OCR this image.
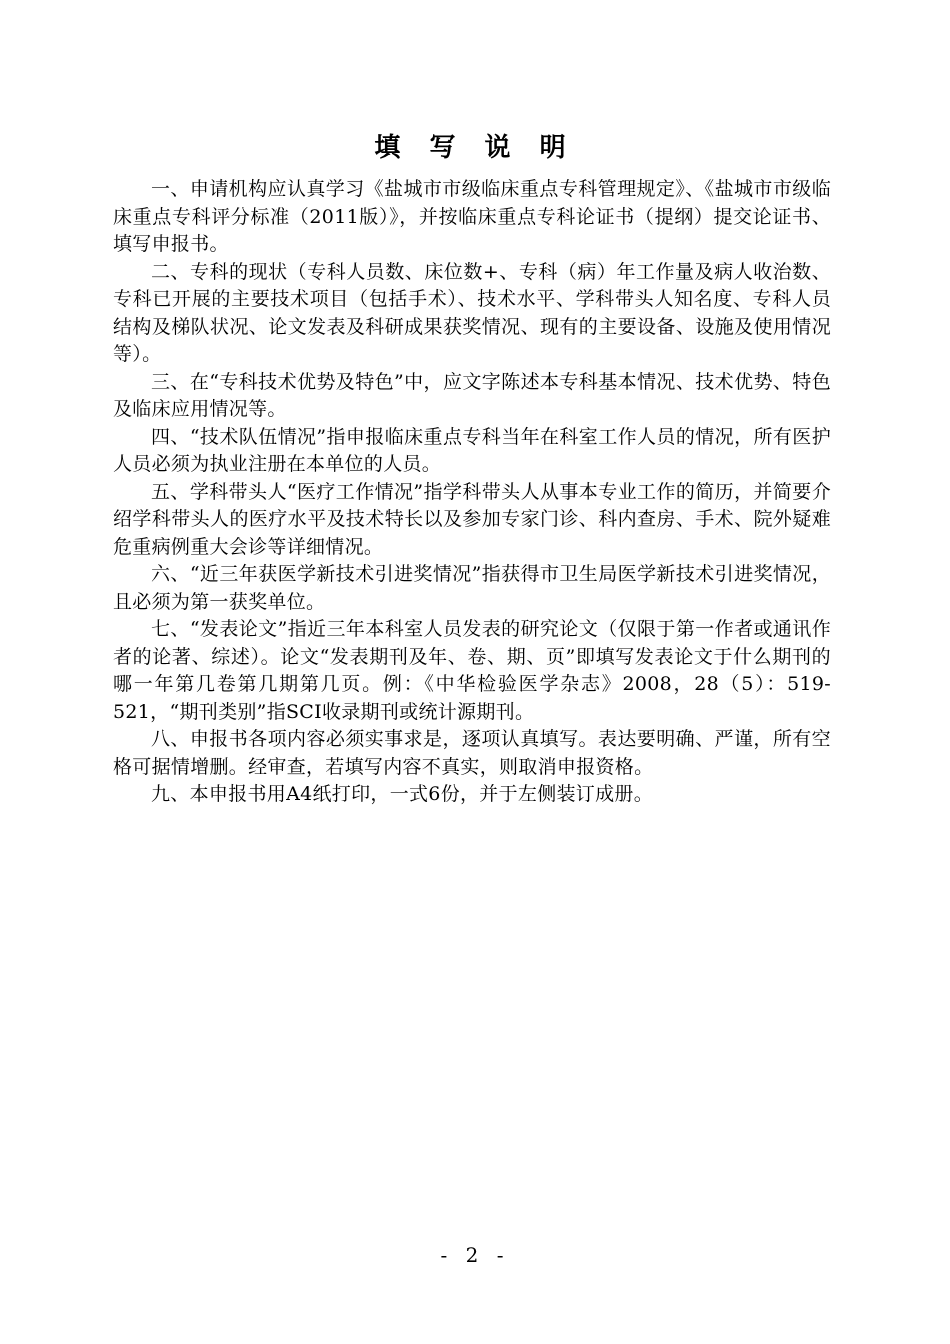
填 写 说 明

一、申请机构应认真学习《盐城市市级临床重点专科管理规定》、《盐城市市级临床重点专科评分标准（2011版）》，并按临床重点专科论证书（提纲）提交论证书、填写申报书。

二、专科的现状（专科人员数、床位数+、专科（病）年工作量及病人收治数、专科已开展的主要技术项目（包括手术）、技术水平、学科带头人知名度、专科人员结构及梯队状况、论文发表及科研成果获奖情况、现有的主要设备、设施及使用情况等）。

三、在“专科技术优势及特色”中，应文字陈述本专科基本情况、技术优势、特色及临床应用情况等。

四、“技术队伍情况”指申报临床重点专科当年在科室工作人员的情况，所有医护人员必须为执业注册在本单位的人员。

五、学科带头人“医疗工作情况”指学科带头人从事本专业工作的简历，并简要介绍学科带头人的医疗水平及技术特长以及参加专家门诊、科内查房、手术、院外疑难危重病例重大会诊等详细情况。

六、“近三年获医学新技术引进奖情况”指获得市卫生局医学新技术引进奖情况，且必须为第一获奖单位。

七、“发表论文”指近三年本科室人员发表的研究论文（仅限于第一作者或通讯作者的论著、综述）。论文“发表期刊及年、卷、期、页”即填写发表论文于什么期刊的哪一年第几卷第几期第几页。例：《中华检验医学杂志》2008，28（5）：519-521，“期刊类别”指SCI收录期刊或统计源期刊。

八、申报书各项内容必须实事求是，逐项认真填写。表达要明确、严谨，所有空格可据情增删。经审查，若填写内容不真实，则取消申报资格。

九、本申报书用A4纸打印，一式6份，并于左侧装订成册。

- 2 -
